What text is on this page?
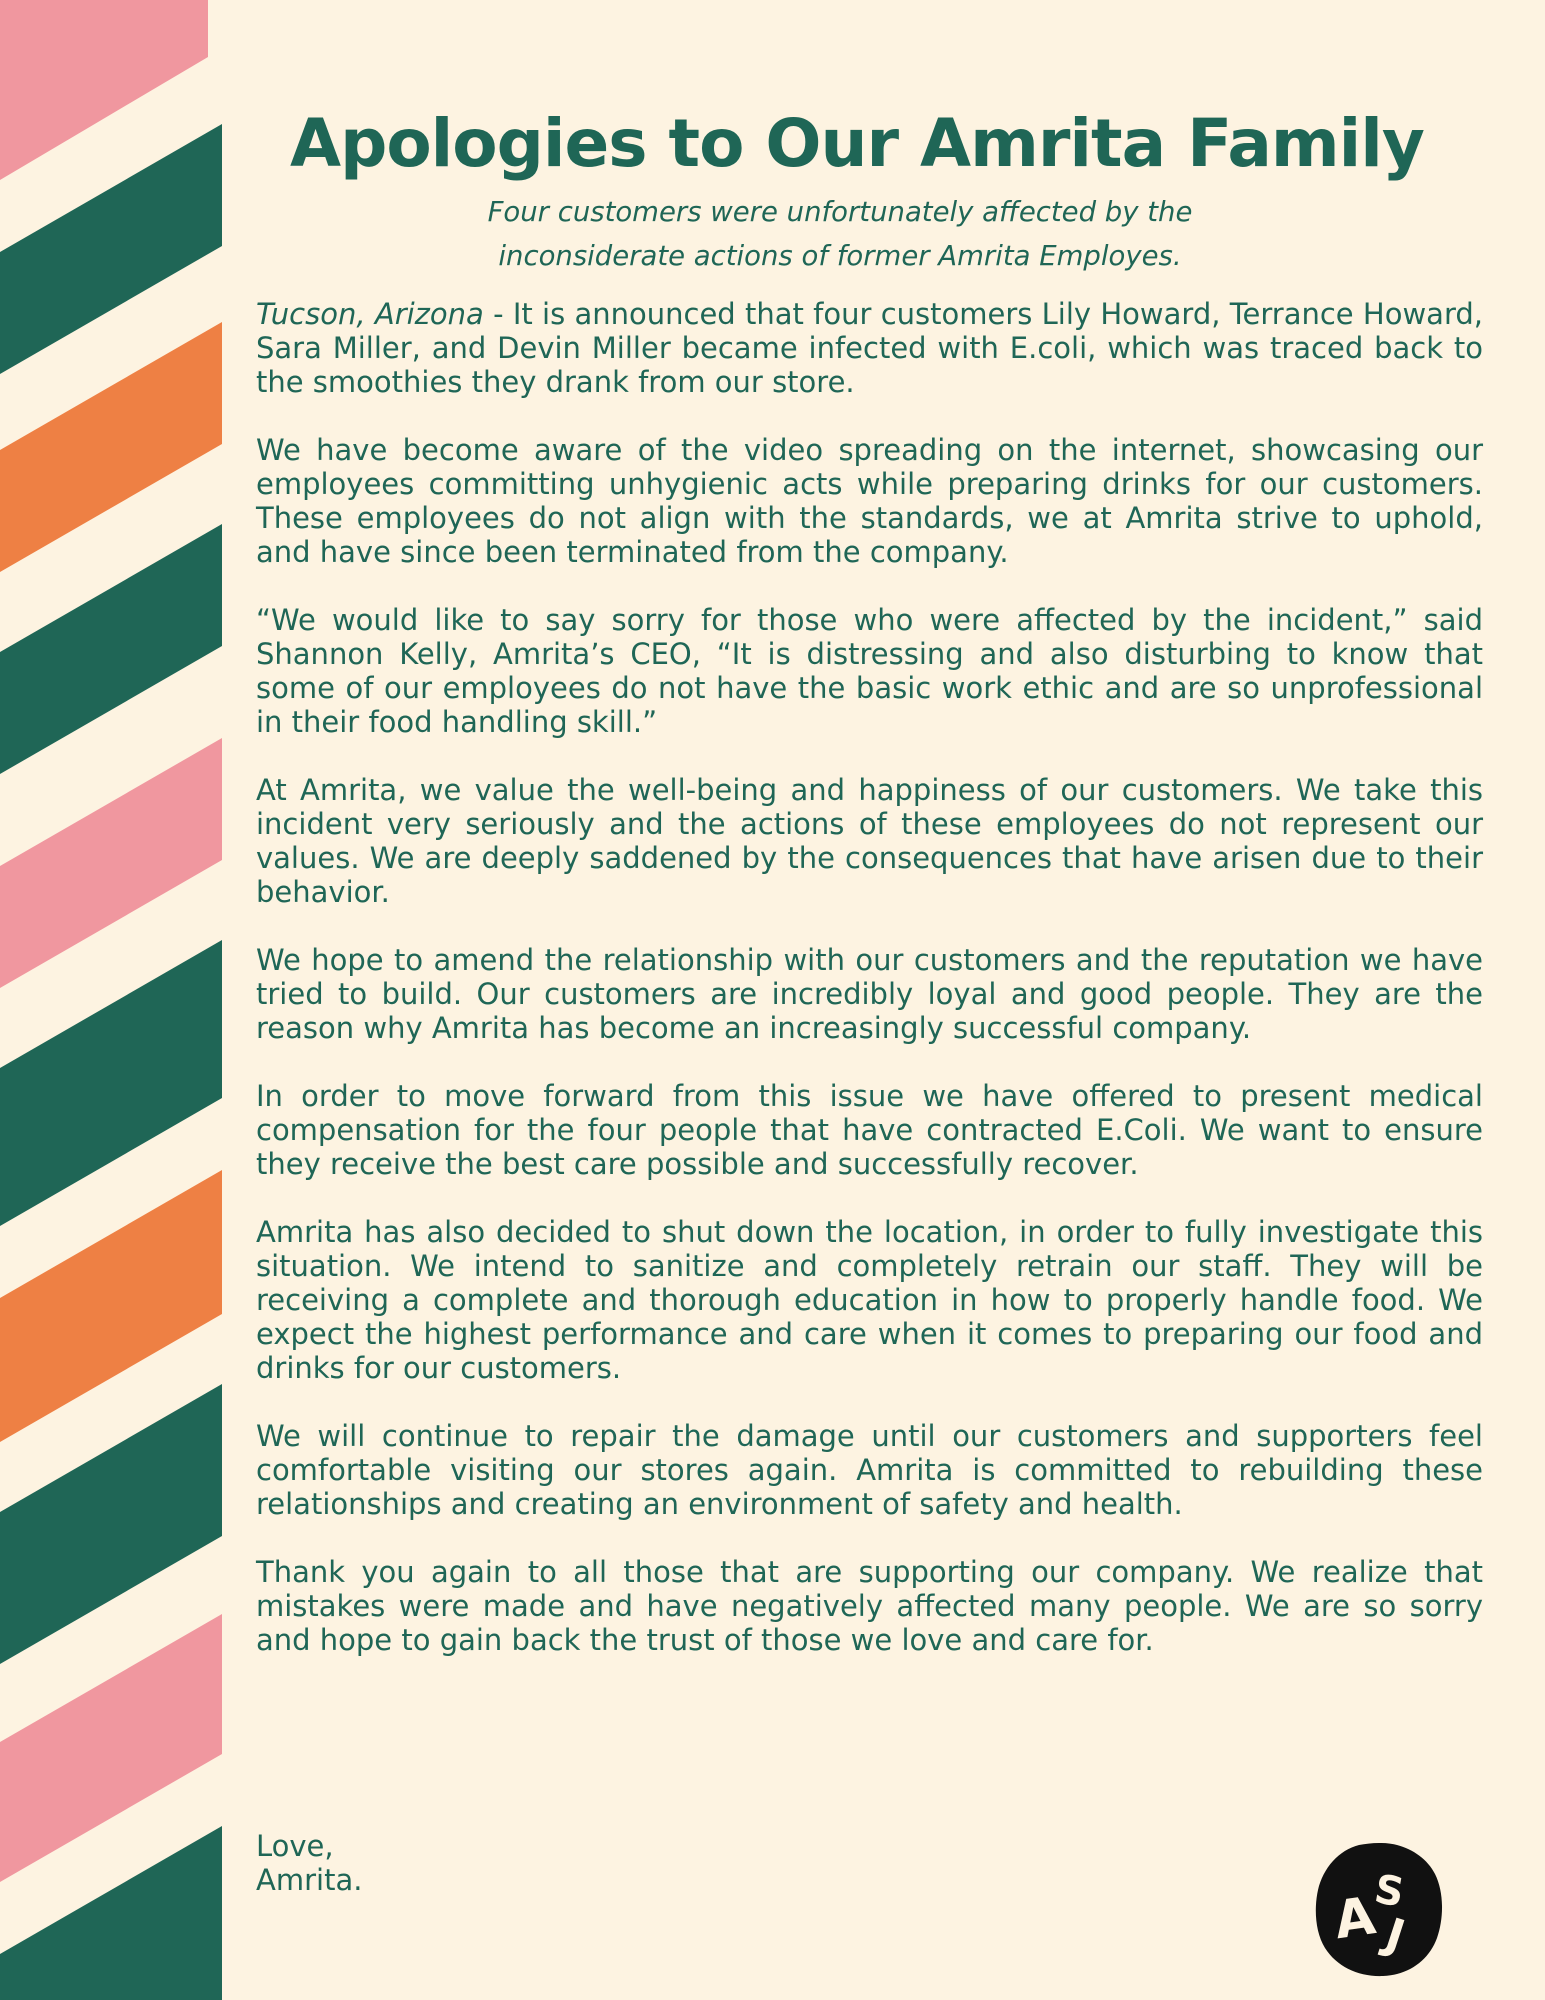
Apologies to Our Amrita Family
Four customers were unfortunately affected by the
inconsiderate actions of former Amrita Employes.

Tucson, Arizona - It is announced that four customers Lily Howard, Terrance Howard, Sara Miller, and Devin Miller became infected with E.coli, which was traced back to the smoothies they drank from our store.

We have become aware of the video spreading on the internet, showcasing our employees committing unhygienic acts while preparing drinks for our customers. These employees do not align with the standards, we at Amrita strive to uphold, and have since been terminated from the company.

“We would like to say sorry for those who were affected by the incident,” said Shannon Kelly, Amrita’s CEO, “It is distressing and also disturbing to know that some of our employees do not have the basic work ethic and are so unprofessional in their food handling skill.”

At Amrita, we value the well-being and happiness of our customers. We take this incident very seriously and the actions of these employees do not represent our values. We are deeply saddened by the consequences that have arisen due to their behavior.

We hope to amend the relationship with our customers and the reputation we have tried to build. Our customers are incredibly loyal and good people. They are the reason why Amrita has become an increasingly successful company.

In order to move forward from this issue we have offered to present medical compensation for the four people that have contracted E.Coli. We want to ensure they receive the best care possible and successfully recover.

Amrita has also decided to shut down the location, in order to fully investigate this situation. We intend to sanitize and completely retrain our staff. They will be receiving a complete and thorough education in how to properly handle food. We expect the highest performance and care when it comes to preparing our food and drinks for our customers.

We will continue to repair the damage until our customers and supporters feel comfortable visiting our stores again. Amrita is committed to rebuilding these relationships and creating an environment of safety and health.

Thank you again to all those that are supporting our company. We realize that mistakes were made and have negatively affected many people. We are so sorry and hope to gain back the trust of those we love and care for.

Love,
Amrita.
A
S
J
